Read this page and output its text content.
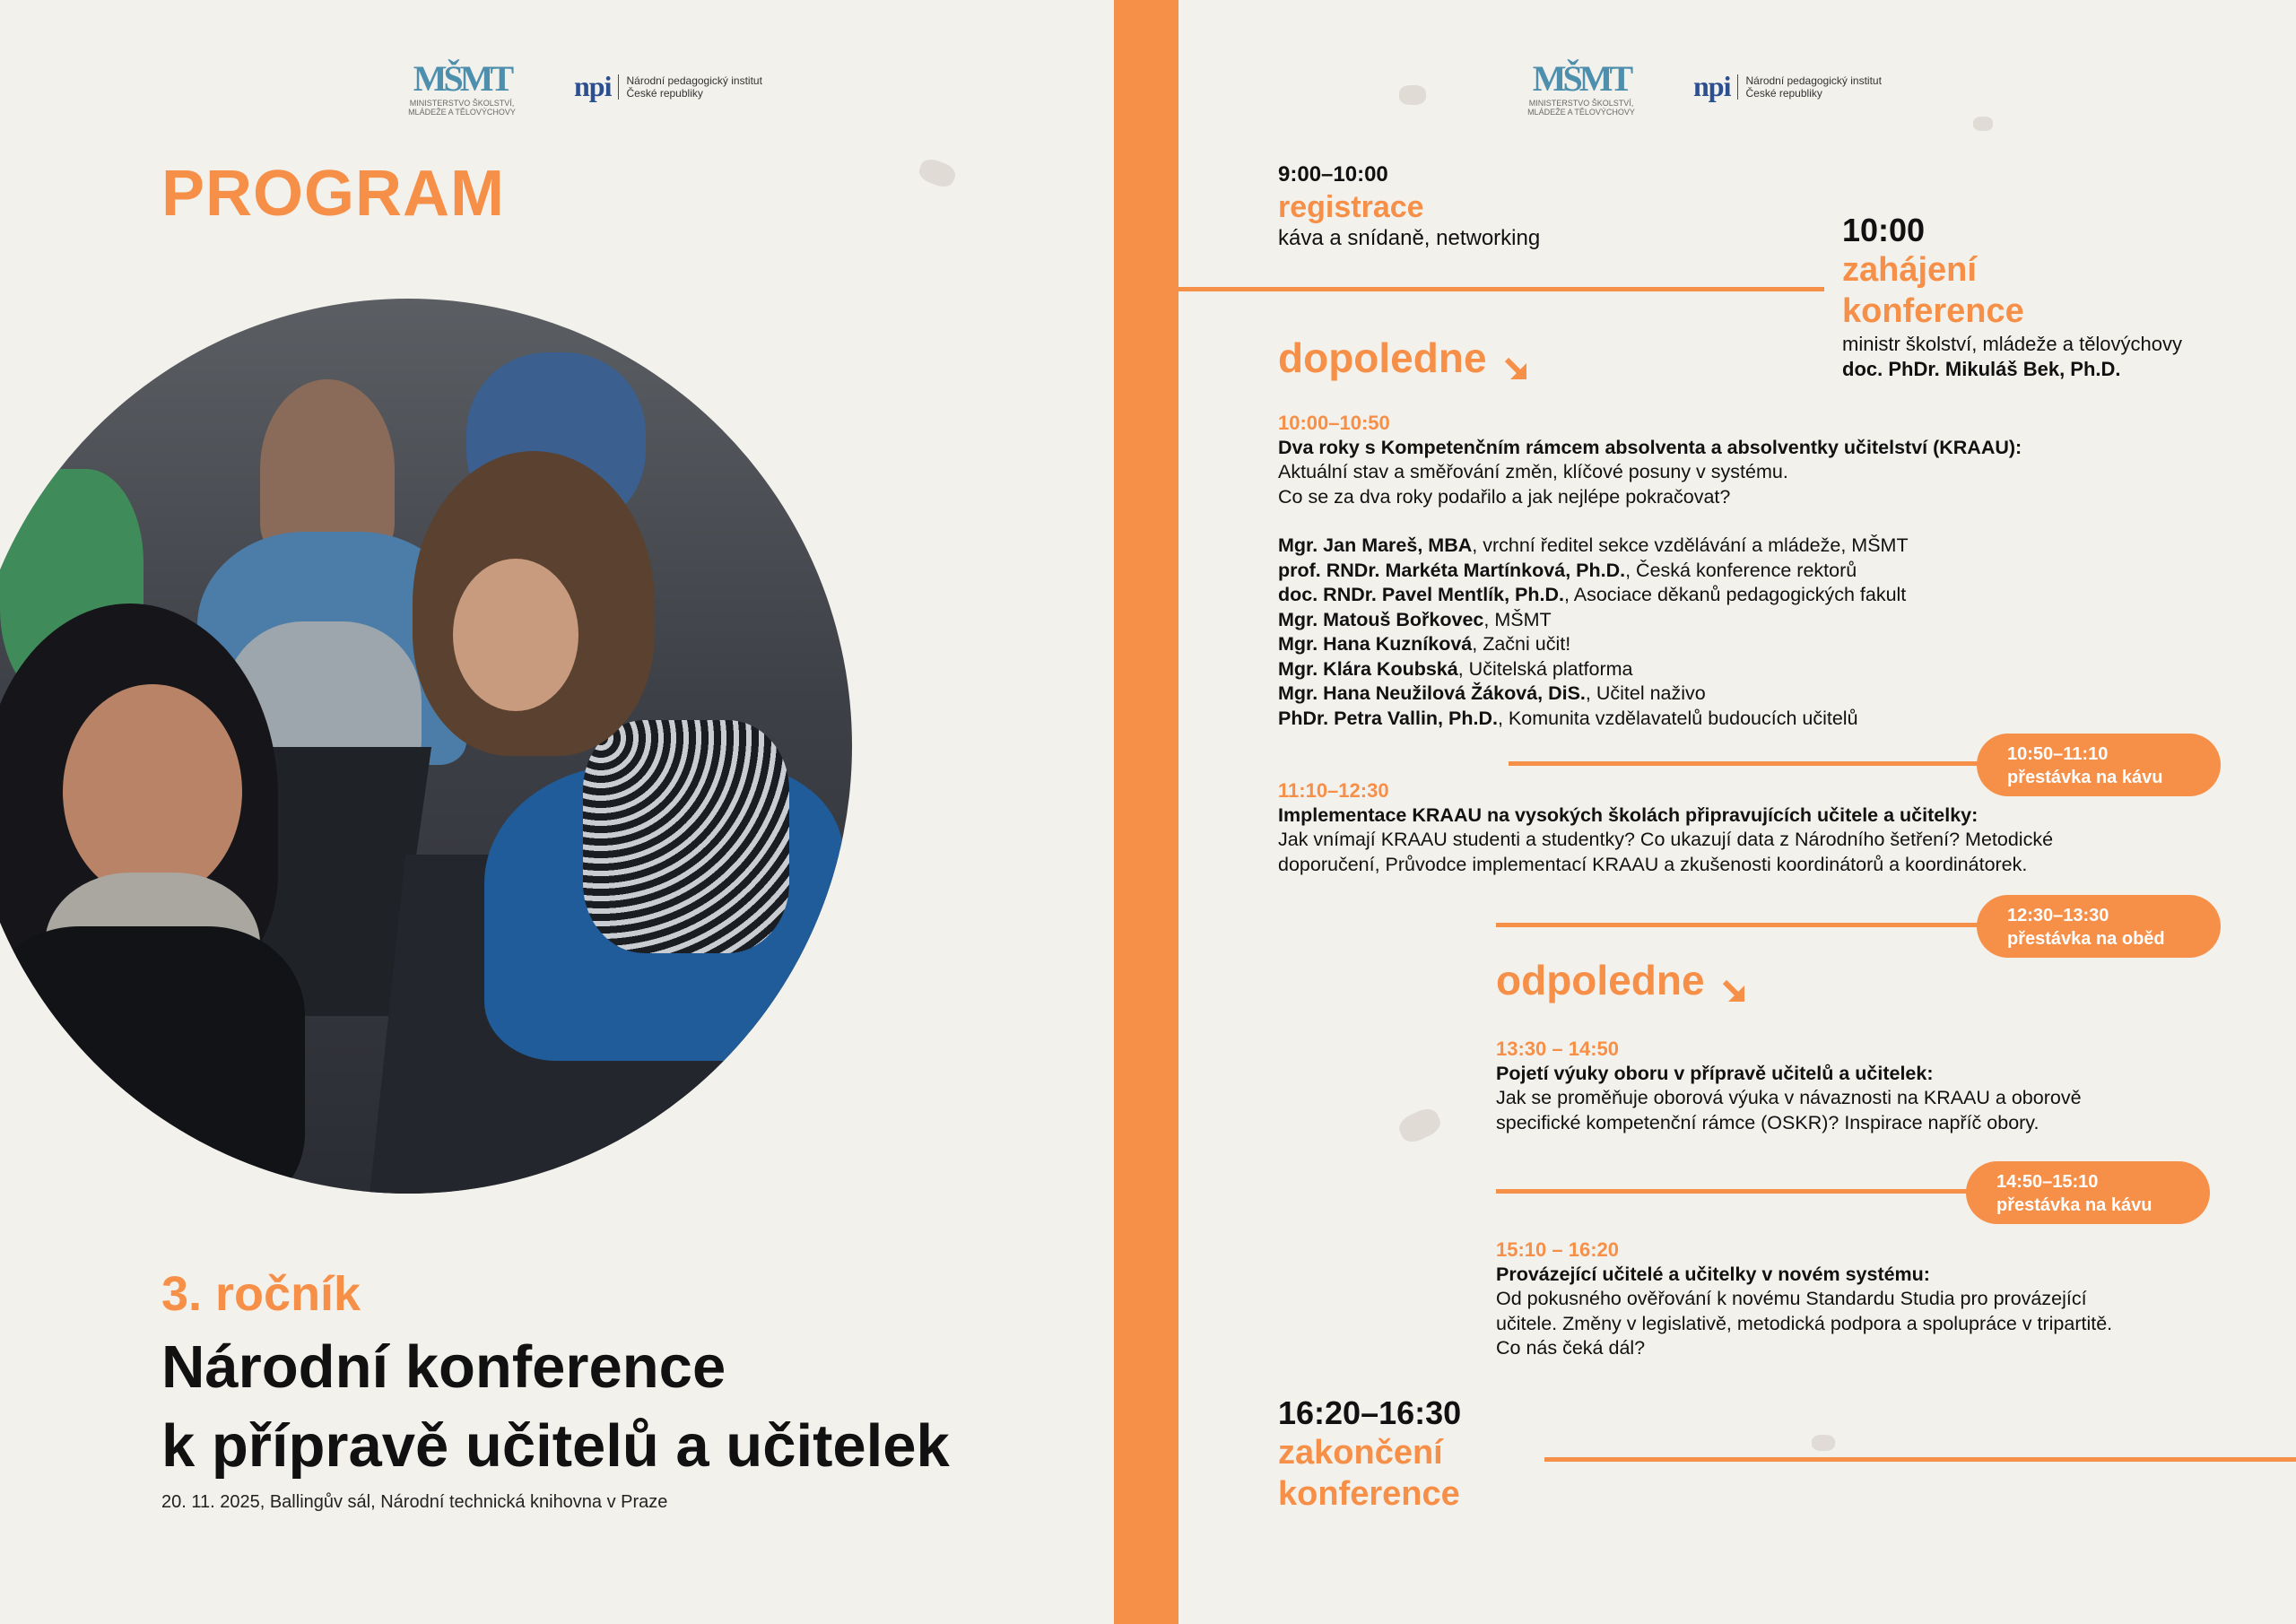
MŠMT
MINISTERSTVO ŠKOLSTVÍ, MLÁDEŽE A TĚLOVÝCHOVY
npi Národní pedagogický institut
České republiky
PROGRAM
3. ročník
Národní konference
k přípravě učitelů a učitelek
20. 11. 2025, Ballingův sál, Národní technická knihovna v Praze
MŠMT
MINISTERSTVO ŠKOLSTVÍ, MLÁDEŽE A TĚLOVÝCHOVY
npi Národní pedagogický institut
České republiky
9:00–10:00
registrace
káva a snídaně, networking	10:00
zahájení
konference
ministr školství, mládeže a tělovýchovy
doc. PhDr. Mikuláš Bek, Ph.D.
dopoledne
10:00–10:50
Dva roky s Kompetenčním rámcem absolventa a absolventky učitelství (KRAAU):
Aktuální stav a směřování změn, klíčové posuny v systému.
Co se za dva roky podařilo a jak nejlépe pokračovat?
Mgr. Jan Mareš, MBA, vrchní ředitel sekce vzdělávání a mládeže, MŠMT
prof. RNDr. Markéta Martínková, Ph.D., Česká konference rektorů
doc. RNDr. Pavel Mentlík, Ph.D., Asociace děkanů pedagogických fakult
Mgr. Matouš Bořkovec, MŠMT
Mgr. Hana Kuzníková, Začni učit!
Mgr. Klára Koubská, Učitelská platforma
Mgr. Hana Neužilová Žáková, DiS., Učitel naživo
PhDr. Petra Vallin, Ph.D., Komunita vzdělavatelů budoucích učitelů
10:50–11:10
přestávka na kávu
11:10–12:30
Implementace KRAAU na vysokých školách připravujících učitele a učitelky:
Jak vnímají KRAAU studenti a studentky? Co ukazují data z Národního šetření? Metodické
doporučení, Průvodce implementací KRAAU a zkušenosti koordinátorů a koordinátorek.
12:30–13:30
přestávka na oběd
odpoledne
13:30 – 14:50
Pojetí výuky oboru v přípravě učitelů a učitelek:
Jak se proměňuje oborová výuka v návaznosti na KRAAU a oborově
specifické kompetenční rámce (OSKR)? Inspirace napříč obory.
14:50–15:10
přestávka na kávu
15:10 – 16:20
Provázející učitelé a učitelky v novém systému:
Od pokusného ověřování k novému Standardu Studia pro provázející
učitele. Změny v legislativě, metodická podpora a spolupráce v tripartitě.
Co nás čeká dál?
16:20–16:30
zakončení
konference
